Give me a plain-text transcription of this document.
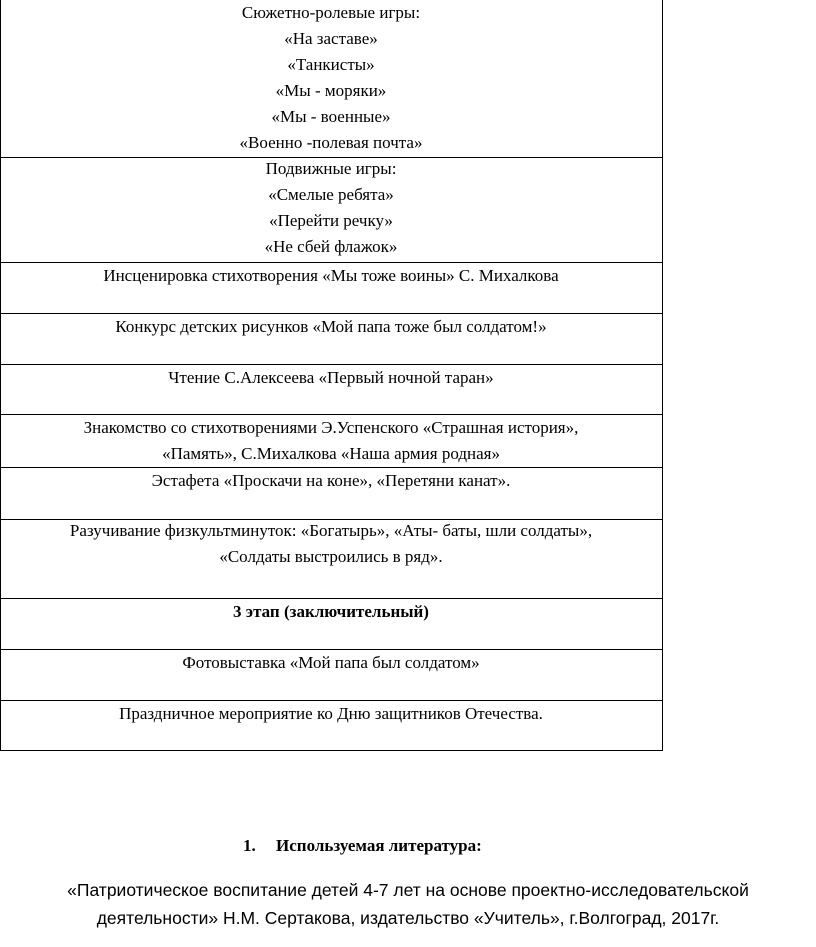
Сюжетно-ролевые игры:
«На заставе»
«Танкисты»
«Мы - моряки»
«Мы - военные»
«Военно -полевая почта»
Подвижные игры:
«Смелые ребята»
«Перейти речку»
«Не сбей флажок»
Инсценировка стихотворения «Мы тоже воины» С. Михалкова
Конкурс детских рисунков «Мой папа тоже был солдатом!»
Чтение С.Алексеева «Первый ночной таран»
Знакомство со стихотворениями Э.Успенского «Страшная история»,
«Память», С.Михалкова «Наша армия родная»
Эстафета «Проскачи на коне», «Перетяни канат».
Разучивание физкультминуток: «Богатырь», «Аты- баты, шли солдаты»,
«Солдаты выстроились в ряд».
3 этап (заключительный)
Фотовыставка «Мой папа был солдатом»
Праздничное мероприятие ко Дню защитников Отечества.
1. Используемая литература:
«Патриотическое воспитание детей 4-7 лет на основе проектно-исследовательской
деятельности» Н.М. Сертакова, издательство «Учитель», г.Волгоград, 2017г.
